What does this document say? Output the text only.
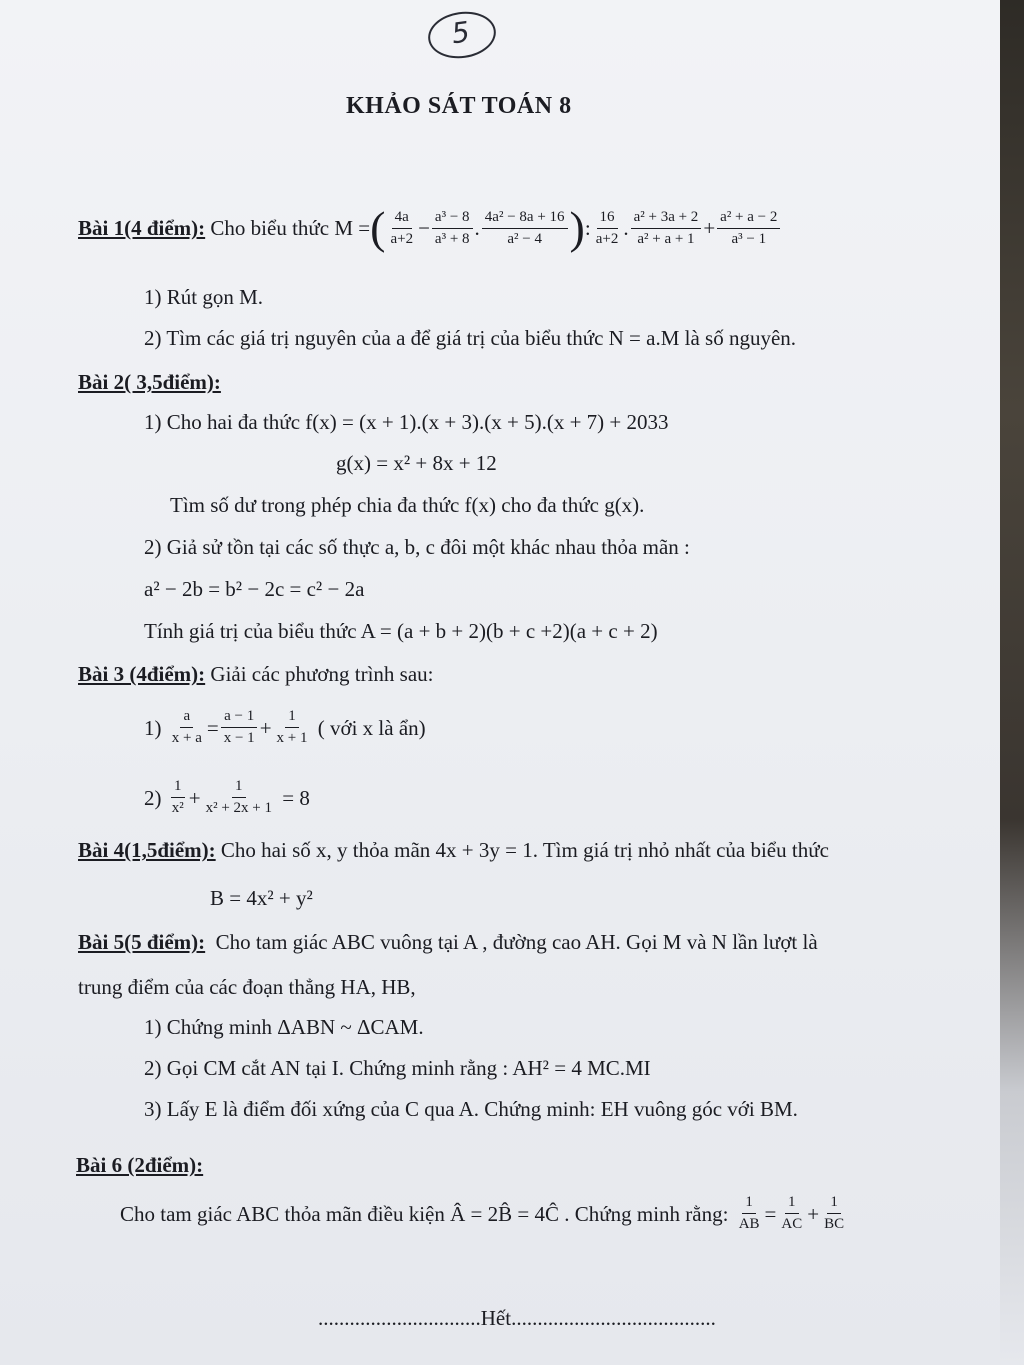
5
KHẢO SÁT TOÁN 8
Bài 1(4 điểm):
Cho biểu thức M = ( $\frac{4a}{a+2} - \frac{\text{a³ − 8}}{\text{a³ + 8}}$ . $\frac{\text{4a² − 8a + 16}}{\text{a² − 4}}$ ) : $\frac{16}{a+2}$ . $\frac{\text{a² + 3a + 2}}{\text{a² + a + 1}} + \frac{\text{a² + a − 2}}{\text{a³ − 1}}$
1) Rút gọn M.
2) Tìm các giá trị nguyên của a để giá trị của biểu thức N = a.M là số nguyên.
Bài 2( 3,5điểm):
1) Cho hai đa thức f(x) = (x + 1).(x + 3).(x + 5).(x + 7) + 2033
g(x) = x² + 8x + 12
Tìm số dư trong phép chia đa thức f(x) cho đa thức g(x).
2) Giả sử tồn tại các số thực a, b, c đôi một khác nhau thỏa mãn :
a² − 2b = b² − 2c = c² − 2a
Tính giá trị của biểu thức A = (a + b + 2)(b + c +2)(a + c + 2)
Bài 3 (4điểm): Giải các phương trình sau:
1)
$\frac{a}{x + a} = \frac{a - 1}{x - 1} + \frac{1}{x + 1}$
( với x là ẩn)
2)
$\frac{1}{\text{x²}} + \frac{1}{\text{x² + 2x + 1}}$
= 8
Bài 4(1,5điểm): Cho hai số x, y thỏa mãn 4x + 3y = 1. Tìm giá trị nhỏ nhất của biểu thức
B = 4x² + y²
Bài 5(5 điểm): Cho tam giác ABC vuông tại A , đường cao AH. Gọi M và N lần lượt là
trung điểm của các đoạn thẳng HA, HB,
1) Chứng minh ΔABN ~ ΔCAM.
2) Gọi CM cắt AN tại I. Chứng minh rằng : AH² = 4 MC.MI
3) Lấy E là điểm đối xứng của C qua A. Chứng minh: EH vuông góc với BM.
Bài 6 (2điểm):
Cho tam giác ABC thỏa mãn điều kiện Â = 2B̂ = 4Ĉ . Chứng minh rằng:
$\frac{1}{AB} = \frac{1}{AC} + \frac{1}{BC}$
...............................Hết.......................................
